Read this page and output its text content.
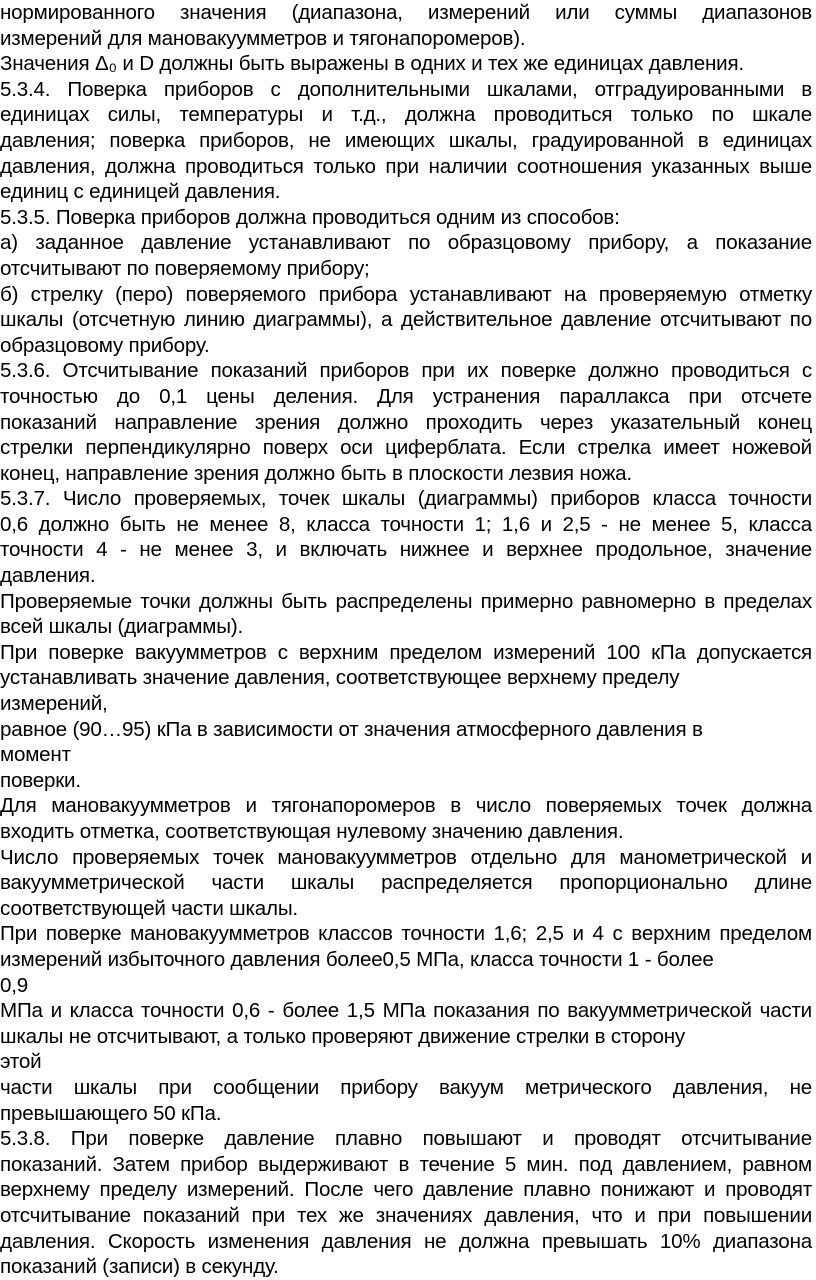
нормированного значения (диапазона, измерений или суммы диапазонов
измерений для мановакуумметров и тягонапоромеров).
Значения Δ₀ и D должны быть выражены в одних и тех же единицах давления.
5.3.4. Поверка приборов с дополнительными шкалами, отградуированными в
единицах силы, температуры и т.д., должна проводиться только по шкале
давления; поверка приборов, не имеющих шкалы, градуированной в единицах
давления, должна проводиться только при наличии соотношения указанных выше
единиц с единицей давления.
5.3.5. Поверка приборов должна проводиться одним из способов:
а) заданное давление устанавливают по образцовому прибору, а показание
отсчитывают по поверяемому прибору;
б) стрелку (перо) поверяемого прибора устанавливают на проверяемую отметку
шкалы (отсчетную линию диаграммы), а действительное давление отсчитывают по
образцовому прибору.
5.3.6. Отсчитывание показаний приборов при их поверке должно проводиться с
точностью до 0,1 цены деления. Для устранения параллакса при отсчете
показаний направление зрения должно проходить через указательный конец
стрелки перпендикулярно поверх оси циферблата. Если стрелка имеет ножевой
конец, направление зрения должно быть в плоскости лезвия ножа.
5.3.7. Число проверяемых, точек шкалы (диаграммы) приборов класса точности
0,6 должно быть не менее 8, класса точности 1; 1,6 и 2,5 - не менее 5, класса
точности 4 - не менее 3, и включать нижнее и верхнее продольное, значение
давления.
Проверяемые точки должны быть распределены примерно равномерно в пределах
всей шкалы (диаграммы).
При поверке вакуумметров с верхним пределом измерений 100 кПа допускается
устанавливать значение давления, соответствующее верхнему пределу
измерений,
равное (90…95) кПа в зависимости от значения атмосферного давления в
момент
поверки.
Для мановакуумметров и тягонапоромеров в число поверяемых точек должна
входить отметка, соответствующая нулевому значению давления.
Число проверяемых точек мановакуумметров отдельно для манометрической и
вакуумметрической части шкалы распределяется пропорционально длине
соответствующей части шкалы.
При поверке мановакуумметров классов точности 1,6; 2,5 и 4 с верхним пределом
измерений избыточного давления более0,5 МПа, класса точности 1 - более
0,9
МПа и класса точности 0,6 - более 1,5 МПа показания по вакуумметрической части
шкалы не отсчитывают, а только проверяют движение стрелки в сторону
этой
части шкалы при сообщении прибору вакуум метрического давления, не
превышающего 50 кПа.
5.3.8. При поверке давление плавно повышают и проводят отсчитывание
показаний. Затем прибор выдерживают в течение 5 мин. под давлением, равном
верхнему пределу измерений. После чего давление плавно понижают и проводят
отсчитывание показаний при тех же значениях давления, что и при повышении
давления. Скорость изменения давления не должна превышать 10% диапазона
показаний (записи) в секунду.
